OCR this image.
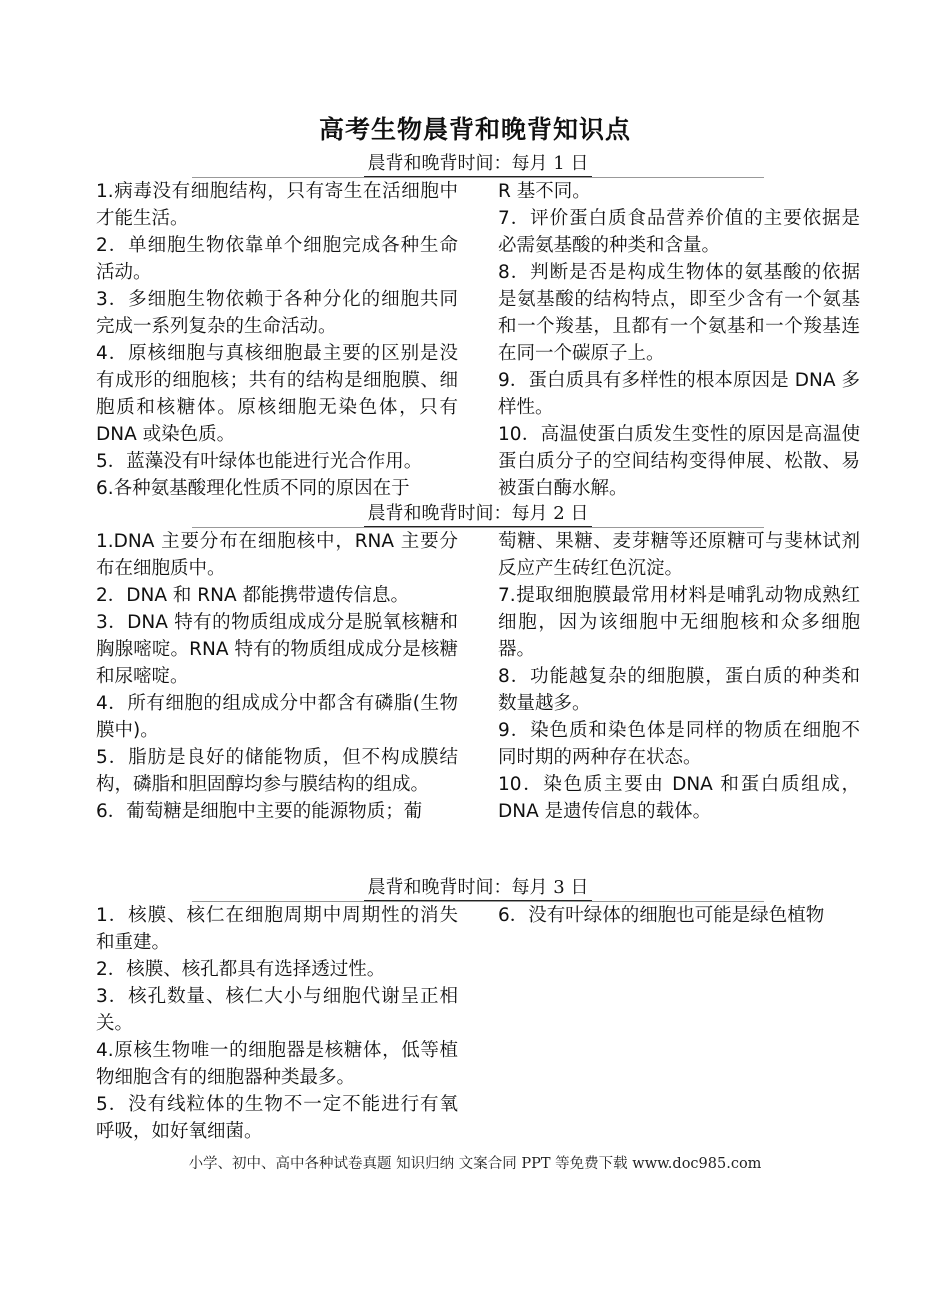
高考生物晨背和晚背知识点
晨背和晚背时间：每月 1 日

1.病毒没有细胞结构，只有寄生在活细胞中才能生活。

2．单细胞生物依靠单个细胞完成各种生命活动。

3．多细胞生物依赖于各种分化的细胞共同完成一系列复杂的生命活动。

4．原核细胞与真核细胞最主要的区别是没有成形的细胞核；共有的结构是细胞膜、细胞质和核糖体。原核细胞无染色体，只有 DNA 或染色质。

5．蓝藻没有叶绿体也能进行光合作用。

6.各种氨基酸理化性质不同的原因在于

R 基不同。

7．评价蛋白质食品营养价值的主要依据是必需氨基酸的种类和含量。

8．判断是否是构成生物体的氨基酸的依据是氨基酸的结构特点，即至少含有一个氨基和一个羧基，且都有一个氨基和一个羧基连在同一个碳原子上。

9．蛋白质具有多样性的根本原因是 DNA 多样性。

10．高温使蛋白质发生变性的原因是高温使蛋白质分子的空间结构变得伸展、松散、易被蛋白酶水解。

晨背和晚背时间：每月 2 日

1.DNA 主要分布在细胞核中，RNA 主要分布在细胞质中。

2．DNA 和 RNA 都能携带遗传信息。

3．DNA 特有的物质组成成分是脱氧核糖和胸腺嘧啶。RNA 特有的物质组成成分是核糖和尿嘧啶。

4．所有细胞的组成成分中都含有磷脂(生物膜中)。

5．脂肪是良好的储能物质，但不构成膜结构，磷脂和胆固醇均参与膜结构的组成。

6．葡萄糖是细胞中主要的能源物质；葡

萄糖、果糖、麦芽糖等还原糖可与斐林试剂反应产生砖红色沉淀。

7.提取细胞膜最常用材料是哺乳动物成熟红细胞，因为该细胞中无细胞核和众多细胞器。

8．功能越复杂的细胞膜，蛋白质的种类和数量越多。

9．染色质和染色体是同样的物质在细胞不同时期的两种存在状态。

10．染色质主要由 DNA 和蛋白质组成，DNA 是遗传信息的载体。

晨背和晚背时间：每月 3 日

1．核膜、核仁在细胞周期中周期性的消失和重建。

2．核膜、核孔都具有选择透过性。

3．核孔数量、核仁大小与细胞代谢呈正相关。

4.原核生物唯一的细胞器是核糖体，低等植物细胞含有的细胞器种类最多。

5．没有线粒体的生物不一定不能进行有氧呼吸，如好氧细菌。

6．没有叶绿体的细胞也可能是绿色植物

小学、初中、高中各种试卷真题 知识归纳 文案合同 PPT 等免费下载 www.doc985.com
